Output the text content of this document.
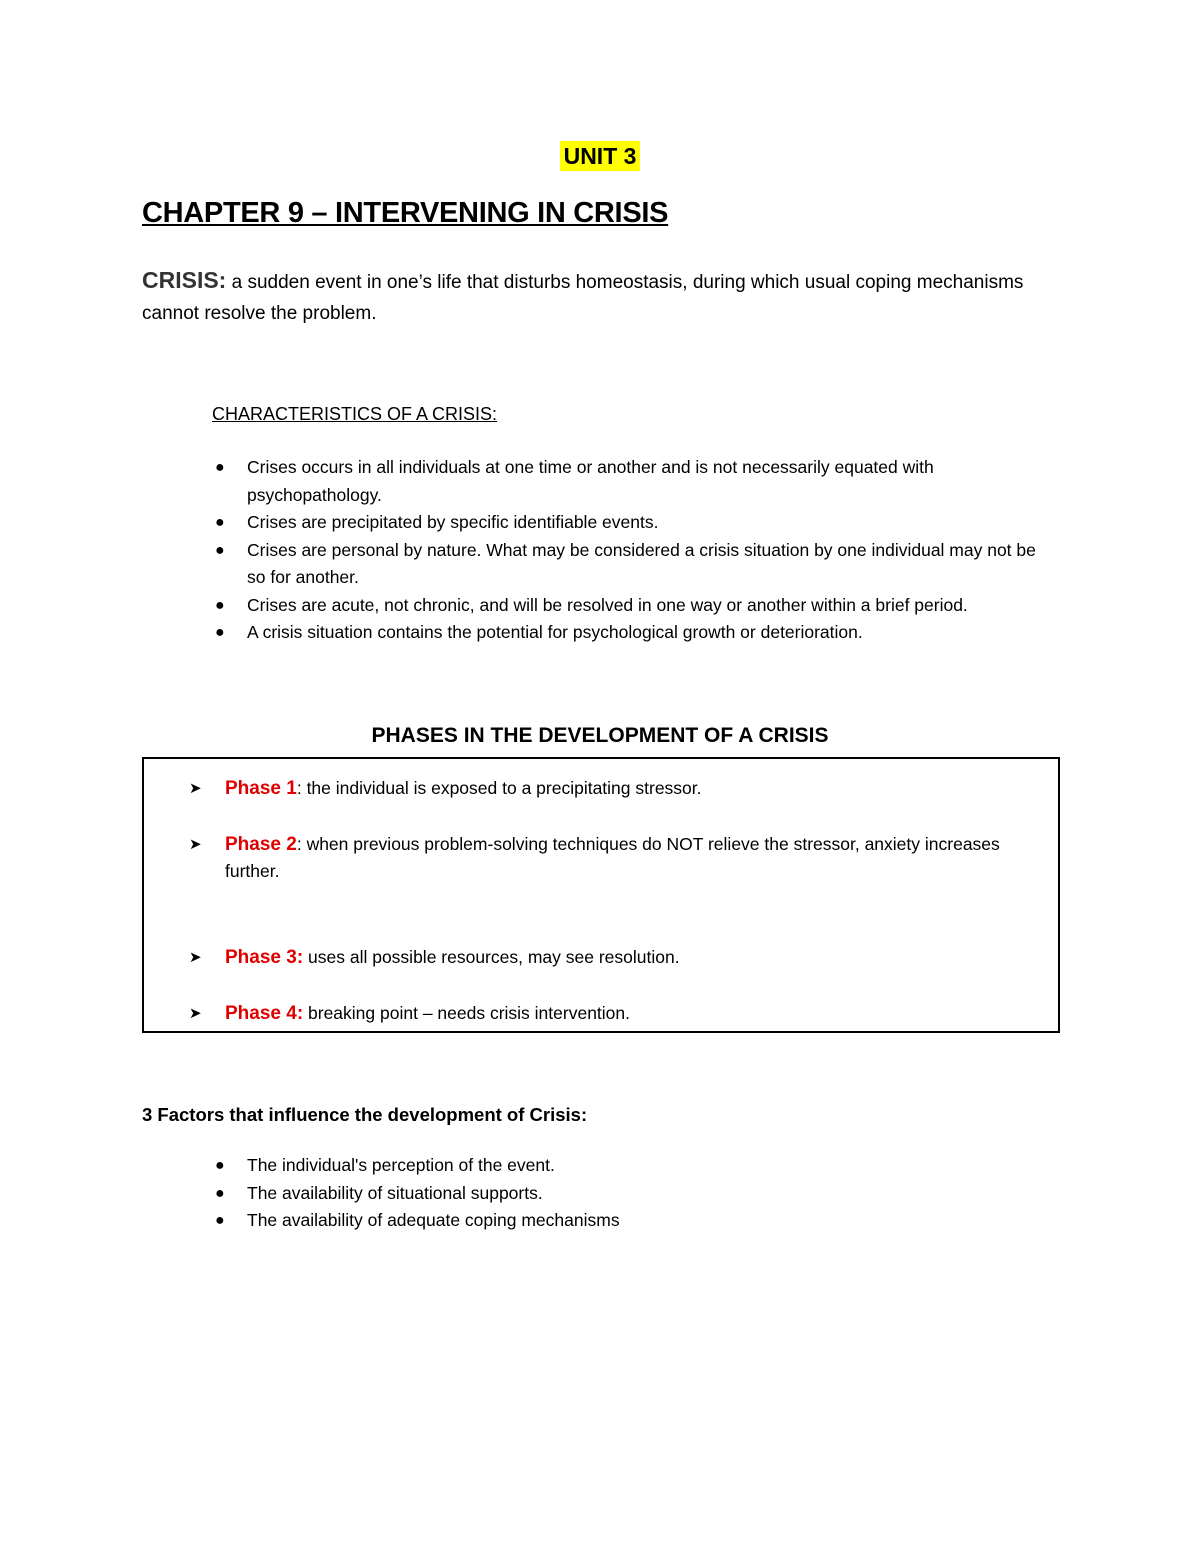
UNIT 3
CHAPTER 9 – INTERVENING IN CRISIS
CRISIS: a sudden event in one’s life that disturbs homeostasis, during which usual coping mechanisms cannot resolve the problem.
CHARACTERISTICS OF A CRISIS:
● Crises occurs in all individuals at one time or another and is not necessarily equated with psychopathology.
● Crises are precipitated by specific identifiable events.
● Crises are personal by nature. What may be considered a crisis situation by one individual may not be so for another.
● Crises are acute, not chronic, and will be resolved in one way or another within a brief period.
● A crisis situation contains the potential for psychological growth or deterioration.
PHASES IN THE DEVELOPMENT OF A CRISIS
➤	Phase 1: the individual is exposed to a precipitating stressor.
➤	Phase 2: when previous problem-solving techniques do NOT relieve the stressor, anxiety increases further.
➤	Phase 3: uses all possible resources, may see resolution.
➤	Phase 4: breaking point – needs crisis intervention.
3 Factors that influence the development of Crisis:
● The individual's perception of the event.
● The availability of situational supports.
● The availability of adequate coping mechanisms
